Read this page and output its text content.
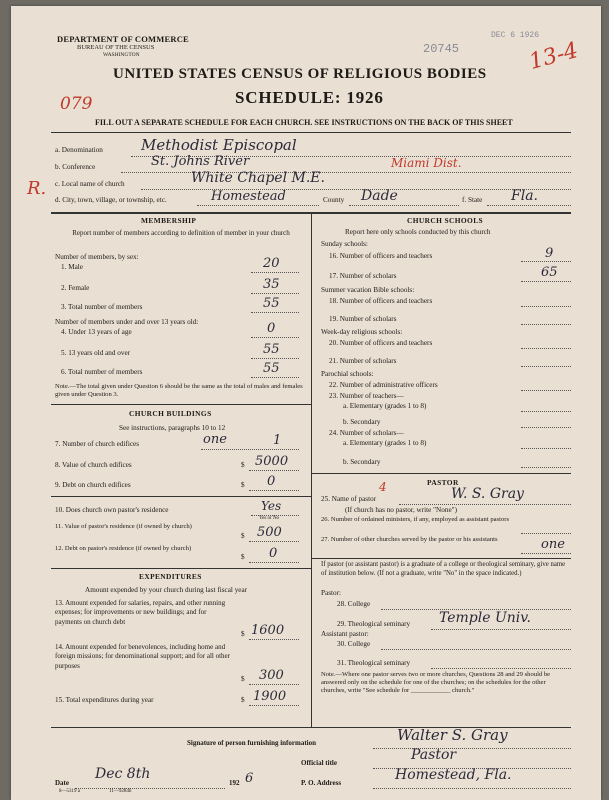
DEPARTMENT OF COMMERCE
BUREAU OF THE CENSUS
WASHINGTON	20745
DEC 6 1926
13-4
UNITED STATES CENSUS OF RELIGIOUS BODIES
079	SCHEDULE: 1926
FILL OUT A SEPARATE SCHEDULE FOR EACH CHURCH. SEE INSTRUCTIONS ON THE BACK OF THIS SHEET
a. Denomination	Methodist Episcopal
b. Conference	St. Johns River	Miami Dist.
R. c. Local name of church	White Chapel M.E.
d. City, town, village, or township, etc.	Homestead	County Dade	f. State Fla.
MEMBERSHIP
Report number of members according to definition of member in your church
Number of members, by sex:
1. Male	20
2. Female	35
3. Total number of members	55
Number of members under and over 13 years old:
4. Under 13 years of age	0
5. 13 years old and over	55
6. Total number of members	55
Note.—The total given under Question 6 should be the same as the total of males and females given under Question 3.
CHURCH BUILDINGS
See instructions, paragraphs 10 to 12
7. Number of church edifices	one	1
8. Value of church edifices	$ 5000
9. Debt on church edifices	$ 0
10. Does church own pastor's residence	Yes
Yes or No
11. Value of pastor's residence (if owned by church)
$ 500
12. Debt on pastor's residence (if owned by church)
$ 0
EXPENDITURES
Amount expended by your church during last fiscal year
13. Amount expended for salaries, repairs, and other running expenses; for improvements or new buildings; and for payments on church debt
$ 1600
14. Amount expended for benevolences, including home and foreign missions; for denominational support; and for all other purposes
$ 300
15. Total expenditures during year	$ 1900
CHURCH SCHOOLS
Report here only schools conducted by this church
Sunday schools:
16. Number of officers and teachers	9
17. Number of scholars	65
Summer vacation Bible schools:
18. Number of officers and teachers
19. Number of scholars
Week-day religious schools:
20. Number of officers and teachers
21. Number of scholars
Parochial schools:
22. Number of administrative officers
23. Number of teachers—
a. Elementary (grades 1 to 8)
b. Secondary
24. Number of scholars—
a. Elementary (grades 1 to 8)
b. Secondary
PASTOR
4
25. Name of pastor	W. S. Gray
(If church has no pastor, write "None")
26. Number of ordained ministers, if any, employed as assistant pastors
27. Number of other churches served by the pastor or his assistants	one
If pastor (or assistant pastor) is a graduate of a college or theological seminary, give name of institution below. (If not a graduate, write "No" in the space indicated.)
Pastor:
28. College
29. Theological seminary Temple Univ.
Assistant pastor:
30. College
31. Theological seminary
Note.—Where one pastor serves two or more churches, Questions 28 and 29 should be answered only on the schedule for one of the churches; on the schedules for the other churches, write "See schedule for ____________ church."
Signature of person furnishing information	Walter S. Gray
Official title	Pastor
Date
Dec 8th
192 6	P. O. Address	Homestead, Fla.
8—5319 a	11—9284b
